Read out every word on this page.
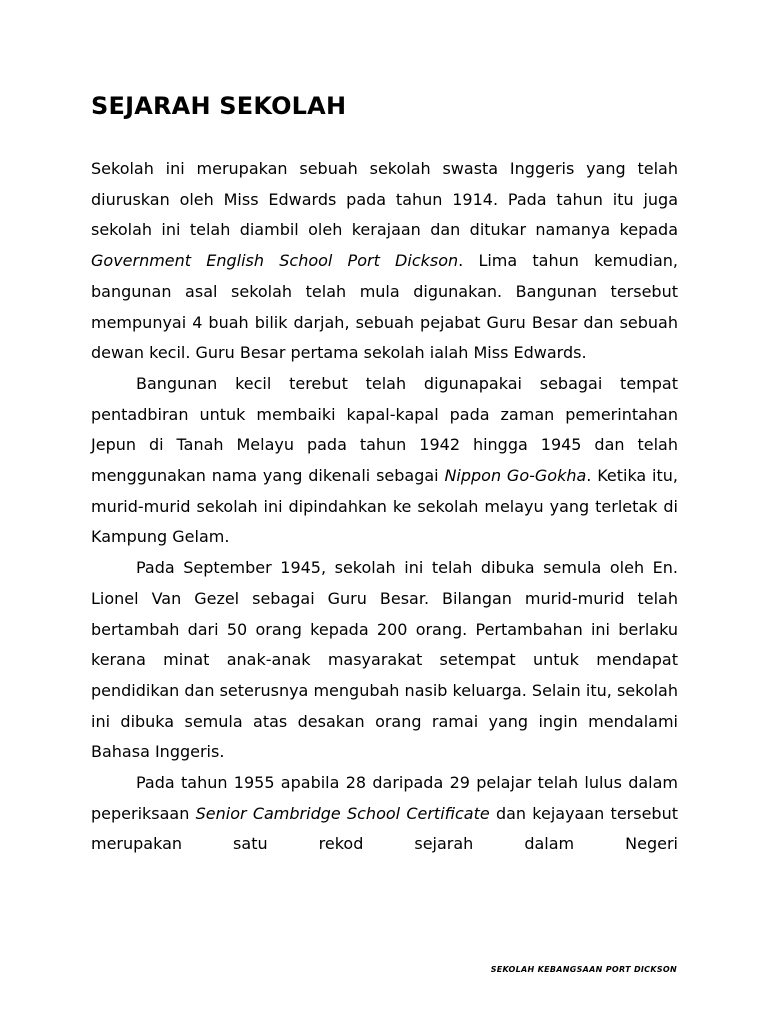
SEJARAH SEKOLAH

Sekolah ini merupakan sebuah sekolah swasta Inggeris yang telah diuruskan oleh Miss Edwards pada tahun 1914. Pada tahun itu juga sekolah ini telah diambil oleh kerajaan dan ditukar namanya kepada Government English School Port Dickson. Lima tahun kemudian, bangunan asal sekolah telah mula digunakan. Bangunan tersebut mempunyai 4 buah bilik darjah, sebuah pejabat Guru Besar dan sebuah dewan kecil. Guru Besar pertama sekolah ialah Miss Edwards.

Bangunan kecil terebut telah digunapakai sebagai tempat pentadbiran untuk membaiki kapal-kapal pada zaman pemerintahan Jepun di Tanah Melayu pada tahun 1942 hingga 1945 dan telah menggunakan nama yang dikenali sebagai Nippon Go-Gokha. Ketika itu, murid-murid sekolah ini dipindahkan ke sekolah melayu yang terletak di Kampung Gelam.

Pada September 1945, sekolah ini telah dibuka semula oleh En. Lionel Van Gezel sebagai Guru Besar. Bilangan murid-murid telah bertambah dari 50 orang kepada 200 orang. Pertambahan ini berlaku kerana minat anak-anak masyarakat setempat untuk mendapat pendidikan dan seterusnya mengubah nasib keluarga. Selain itu, sekolah ini dibuka semula atas desakan orang ramai yang ingin mendalami Bahasa Inggeris.

Pada tahun 1955 apabila 28 daripada 29 pelajar telah lulus dalam peperiksaan Senior Cambridge School Certificate dan kejayaan tersebut merupakan satu rekod sejarah dalam Negeri

SEKOLAH KEBANGSAAN PORT DICKSON
